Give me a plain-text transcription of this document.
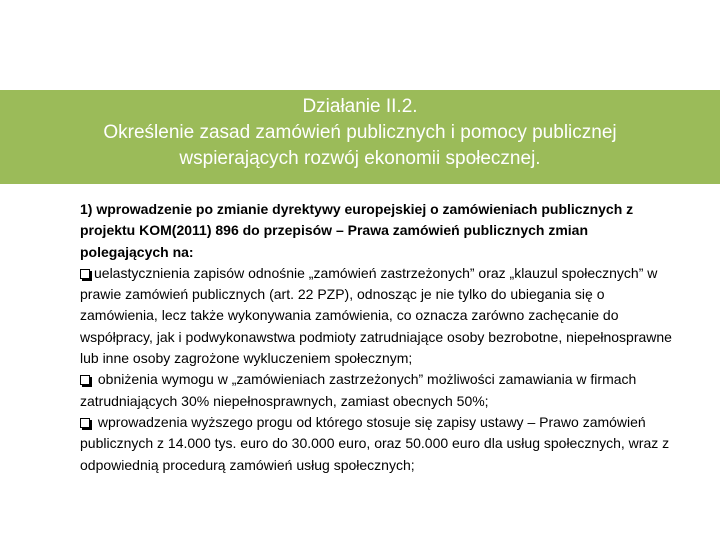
Działanie II.2.
Określenie zasad zamówień publicznych i pomocy publicznej
wspierających rozwój ekonomii społecznej.
1) wprowadzenie po zmianie dyrektywy europejskiej o zamówieniach publicznych z projektu KOM(2011) 896 do przepisów – Prawa zamówień publicznych zmian polegających na:
uelastycznienia zapisów odnośnie „zamówień zastrzeżonych” oraz „klauzul społecznych” w prawie zamówień publicznych (art. 22 PZP), odnosząc je nie tylko do ubiegania się o zamówienia, lecz także wykonywania zamówienia, co oznacza zarówno zachęcanie do współpracy, jak i podwykonawstwa podmioty zatrudniające osoby bezrobotne, niepełnosprawne lub inne osoby zagrożone wykluczeniem społecznym;
obniżenia wymogu w „zamówieniach zastrzeżonych” możliwości zamawiania w firmach zatrudniających 30% niepełnosprawnych, zamiast obecnych 50%;
wprowadzenia wyższego progu od którego stosuje się zapisy ustawy – Prawo zamówień publicznych z 14.000 tys. euro do 30.000 euro, oraz 50.000 euro dla usług społecznych, wraz z odpowiednią procedurą zamówień usług społecznych;
